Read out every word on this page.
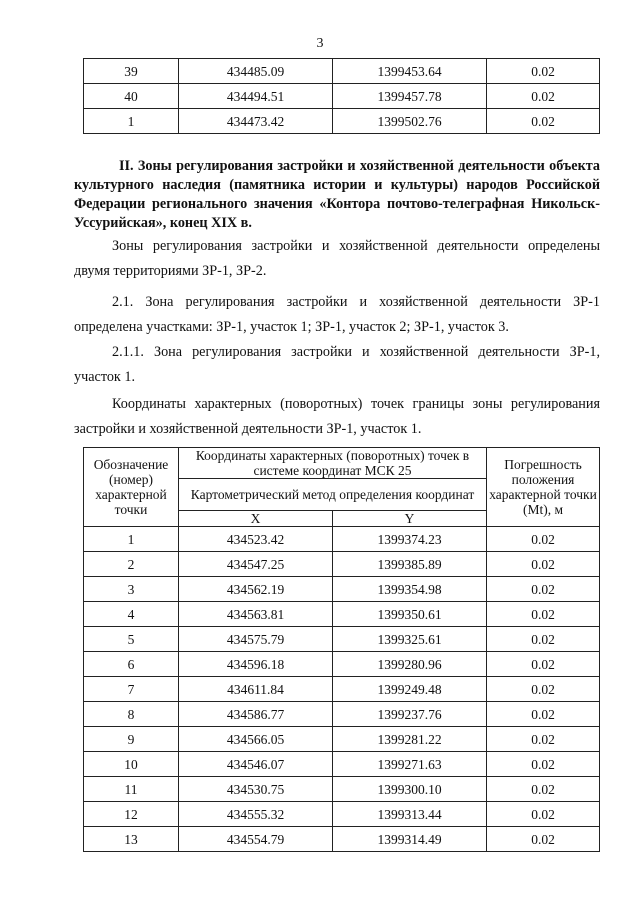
3
39	434485.09	1399453.64	0.02
40	434494.51	1399457.78	0.02
1	434473.42	1399502.76	0.02

II. Зоны регулирования застройки и хозяйственной деятельности объекта культурного наследия (памятника истории и культуры) народов Российской Федерации регионального значения «Контора почтово-телеграфная Никольск-Уссурийская», конец XIX в.

Зоны регулирования застройки и хозяйственной деятельности определены двумя территориями ЗР-1, ЗР-2.

2.1. Зона регулирования застройки и хозяйственной деятельности ЗР-1 определена участками: ЗР-1, участок 1; ЗР-1, участок 2; ЗР-1, участок 3.

2.1.1. Зона регулирования застройки и хозяйственной деятельности ЗР-1, участок 1.

Координаты характерных (поворотных) точек границы зоны регулирования застройки и хозяйственной деятельности ЗР-1, участок 1.

Обозначение (номер) характерной точки	Координаты характерных (поворотных) точек в системе координат МСК 25		Погрешность положения характерной точки (Mt), м
	Картометрический метод определения координат		
	X	Y	
1	434523.42	1399374.23	0.02
2	434547.25	1399385.89	0.02
3	434562.19	1399354.98	0.02
4	434563.81	1399350.61	0.02
5	434575.79	1399325.61	0.02
6	434596.18	1399280.96	0.02
7	434611.84	1399249.48	0.02
8	434586.77	1399237.76	0.02
9	434566.05	1399281.22	0.02
10	434546.07	1399271.63	0.02
11	434530.75	1399300.10	0.02
12	434555.32	1399313.44	0.02
13	434554.79	1399314.49	0.02
